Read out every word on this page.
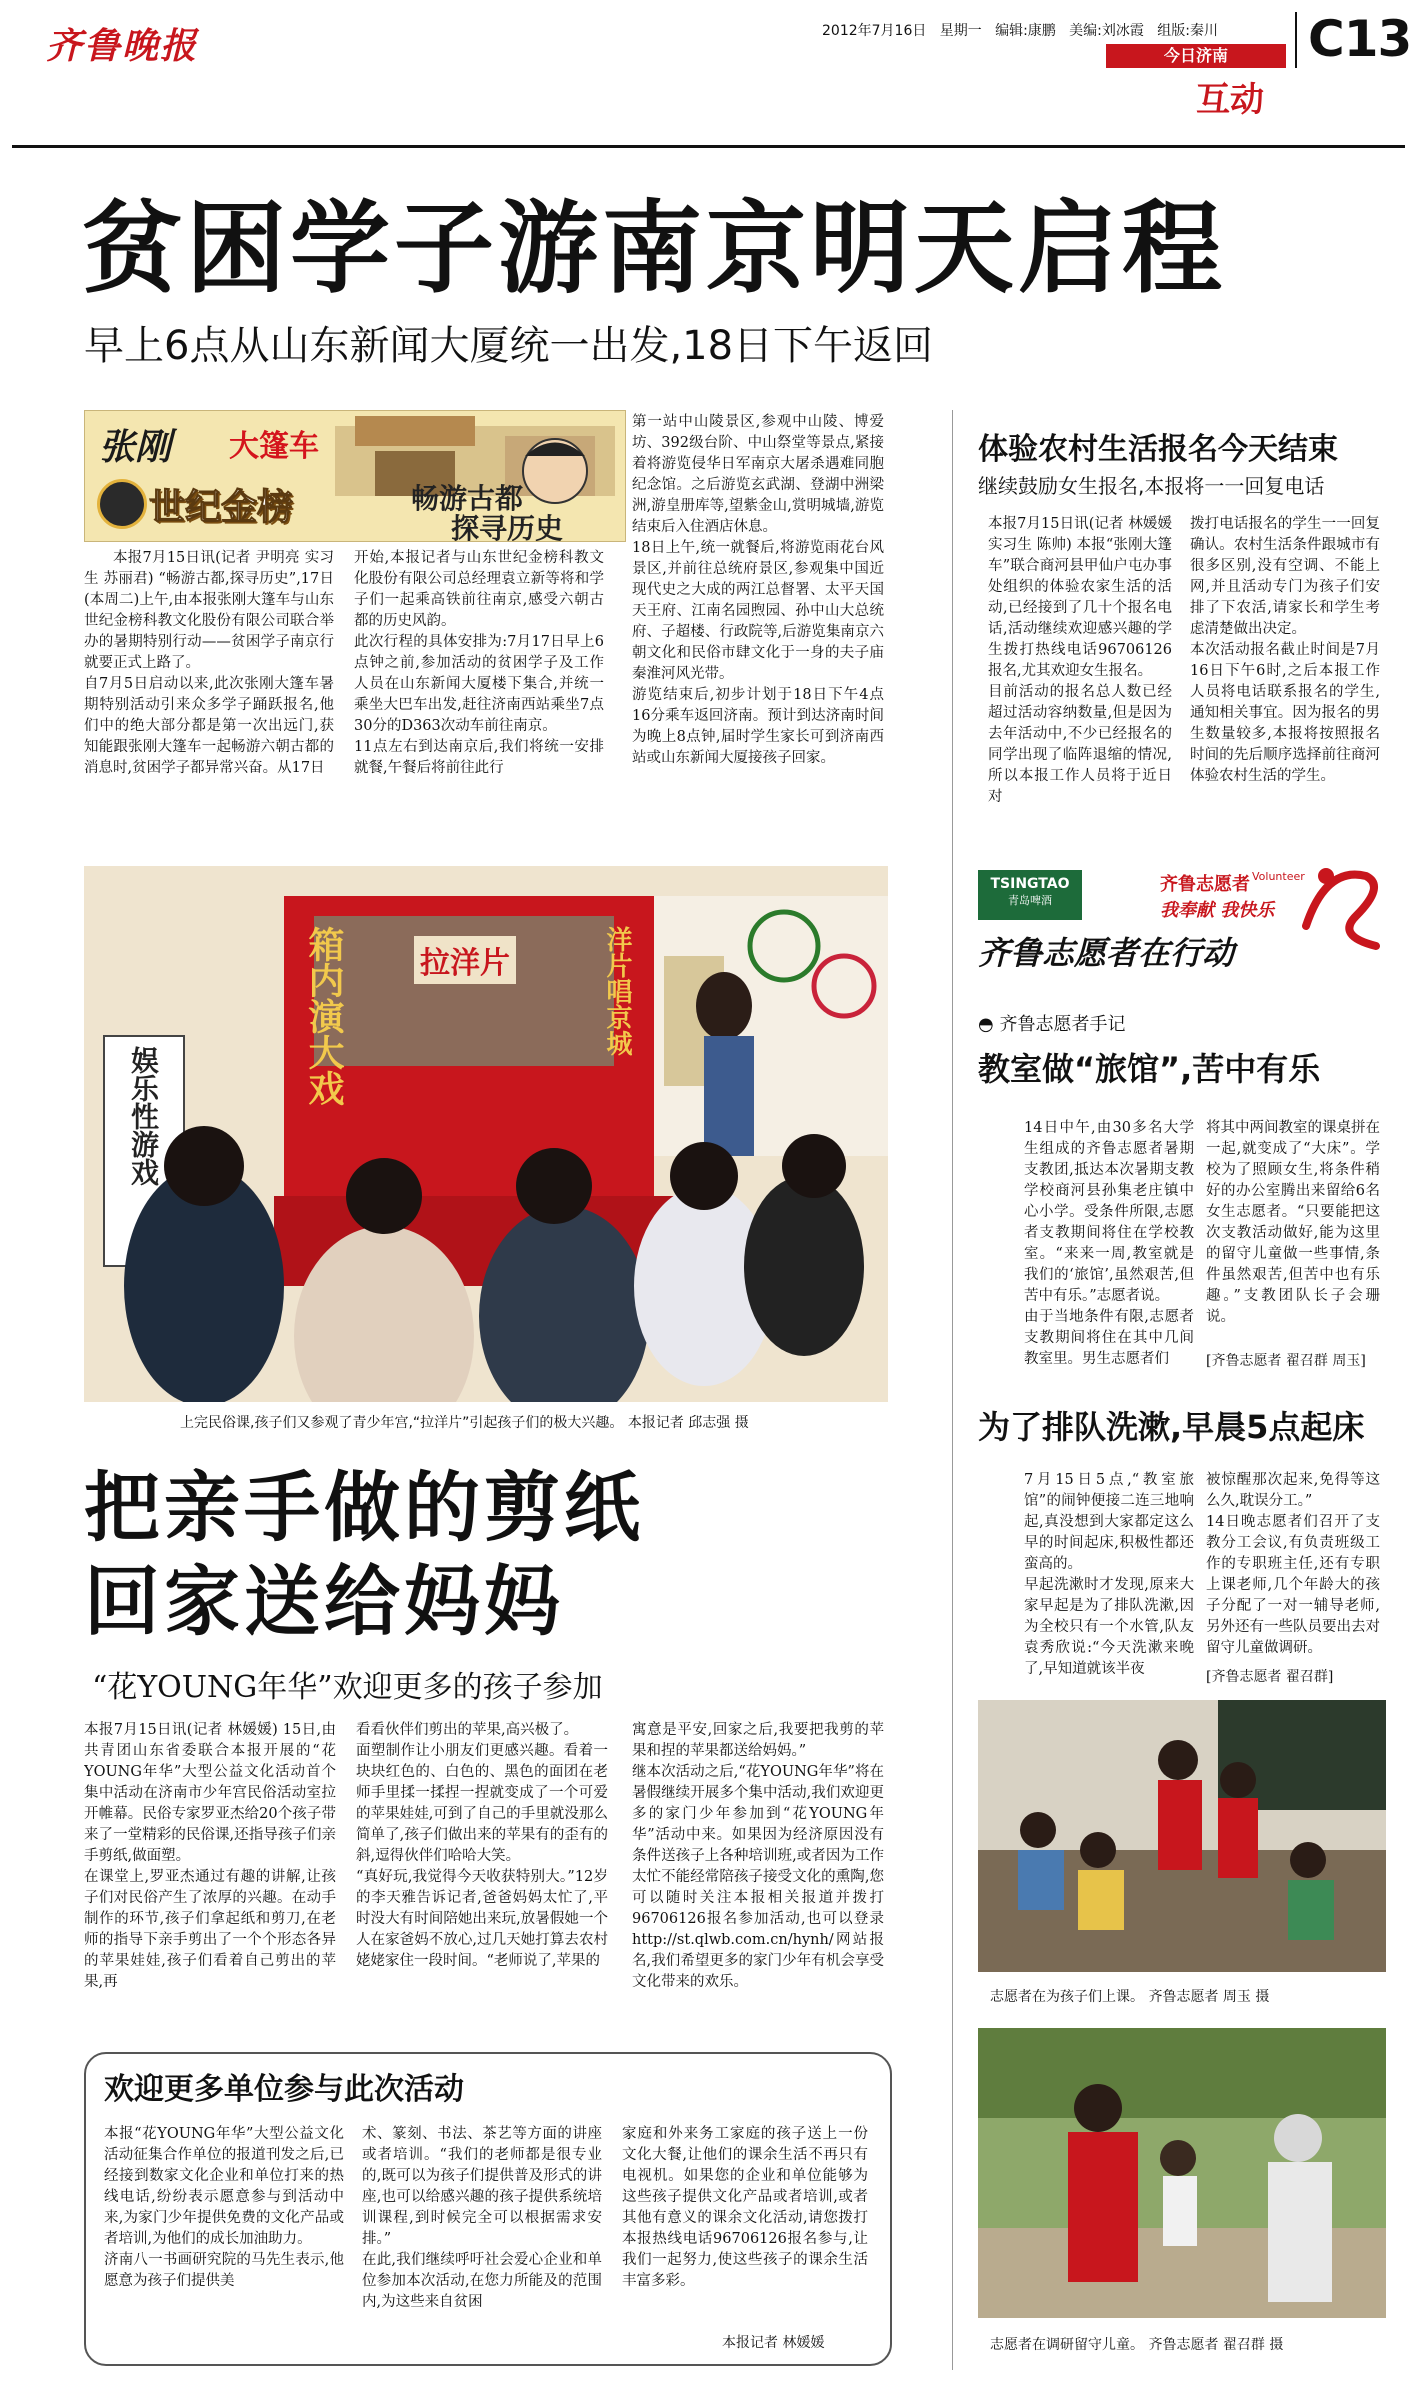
齐鲁晚报	2012年7月16日 星期一 编辑:康鹏 美编:刘冰霞 组版:秦川 C13
今日济南
互动
贫困学子游南京明天启程
早上6点从山东新闻大厦统一出发,18日下午返回
张刚 大篷车
世纪金榜	畅游古都
探寻历史
本报7月15日讯(记者 尹明亮 实习生 苏丽君) “畅游古都,探寻历史”,17日(本周二)上午,由本报张刚大篷车与山东世纪金榜科教文化股份有限公司联合举办的暑期特别行动——贫困学子南京行就要正式上路了。
自7月5日启动以来,此次张刚大篷车暑期特别活动引来众多学子踊跃报名,他们中的绝大部分都是第一次出远门,获知能跟张刚大篷车一起畅游六朝古都的消息时,贫困学子都异常兴奋。从17日
开始,本报记者与山东世纪金榜科教文化股份有限公司总经理袁立新等将和学子们一起乘高铁前往南京,感受六朝古都的历史风韵。
此次行程的具体安排为:7月17日早上6点钟之前,参加活动的贫困学子及工作人员在山东新闻大厦楼下集合,并统一乘坐大巴车出发,赶往济南西站乘坐7点30分的D363次动车前往南京。
11点左右到达南京后,我们将统一安排就餐,午餐后将前往此行
第一站中山陵景区,参观中山陵、博爱坊、392级台阶、中山祭堂等景点,紧接着将游览侵华日军南京大屠杀遇难同胞纪念馆。之后游览玄武湖、登湖中洲梁洲,游皇册库等,望紫金山,赏明城墙,游览结束后入住酒店休息。
18日上午,统一就餐后,将游览雨花台风景区,并前往总统府景区,参观集中国近现代史之大成的两江总督署、太平天国天王府、江南名园煦园、孙中山大总统府、子超楼、行政院等,后游览集南京六朝文化和民俗市肆文化于一身的夫子庙秦淮河风光带。
游览结束后,初步计划于18日下午4点16分乘车返回济南。预计到达济南时间为晚上8点钟,届时学生家长可到济南西站或山东新闻大厦接孩子回家。
箱内演大戏	拉洋片	洋片唱京城
娱乐性游戏
上完民俗课,孩子们又参观了青少年宫,“拉洋片”引起孩子们的极大兴趣。 本报记者 邱志强 摄
把亲手做的剪纸
回家送给妈妈
“花YOUNG年华”欢迎更多的孩子参加
本报7月15日讯(记者 林媛媛) 15日,由共青团山东省委联合本报开展的“花YOUNG年华”大型公益文化活动首个集中活动在济南市少年宫民俗活动室拉开帷幕。民俗专家罗亚杰给20个孩子带来了一堂精彩的民俗课,还指导孩子们亲手剪纸,做面塑。
在课堂上,罗亚杰通过有趣的讲解,让孩子们对民俗产生了浓厚的兴趣。在动手制作的环节,孩子们拿起纸和剪刀,在老师的指导下亲手剪出了一个个形态各异的苹果娃娃,孩子们看着自己剪出的苹果,再
看看伙伴们剪出的苹果,高兴极了。
面塑制作让小朋友们更感兴趣。看着一块块红色的、白色的、黑色的面团在老师手里揉一揉捏一捏就变成了一个可爱的苹果娃娃,可到了自己的手里就没那么简单了,孩子们做出来的苹果有的歪有的斜,逗得伙伴们哈哈大笑。
“真好玩,我觉得今天收获特别大。”12岁的李天雅告诉记者,爸爸妈妈太忙了,平时没大有时间陪她出来玩,放暑假她一个人在家爸妈不放心,过几天她打算去农村姥姥家住一段时间。“老师说了,苹果的
寓意是平安,回家之后,我要把我剪的苹果和捏的苹果都送给妈妈。”
继本次活动之后,“花YOUNG年华”将在暑假继续开展多个集中活动,我们欢迎更多的家门少年参加到“花YOUNG年华”活动中来。如果因为经济原因没有条件送孩子上各种培训班,或者因为工作太忙不能经常陪孩子接受文化的熏陶,您可以随时关注本报相关报道并拨打96706126报名参加活动,也可以登录http://st.qlwb.com.cn/hynh/网站报名,我们希望更多的家门少年有机会享受文化带来的欢乐。
欢迎更多单位参与此次活动
本报“花YOUNG年华”大型公益文化活动征集合作单位的报道刊发之后,已经接到数家文化企业和单位打来的热线电话,纷纷表示愿意参与到活动中来,为家门少年提供免费的文化产品或者培训,为他们的成长加油助力。
济南八一书画研究院的马先生表示,他愿意为孩子们提供美
术、篆刻、书法、茶艺等方面的讲座或者培训。“我们的老师都是很专业的,既可以为孩子们提供普及形式的讲座,也可以给感兴趣的孩子提供系统培训课程,到时候完全可以根据需求安排。”
在此,我们继续呼吁社会爱心企业和单位参加本次活动,在您力所能及的范围内,为这些来自贫困
家庭和外来务工家庭的孩子送上一份文化大餐,让他们的课余生活不再只有电视机。如果您的企业和单位能够为这些孩子提供文化产品或者培训,或者其他有意义的课余文化活动,请您拨打本报热线电话96706126报名参与,让我们一起努力,使这些孩子的课余生活丰富多彩。
本报记者 林媛媛
体验农村生活报名今天结束
继续鼓励女生报名,本报将一一回复电话
本报7月15日讯(记者 林媛媛 实习生 陈帅) 本报“张刚大篷车”联合商河县甲仙户屯办事处组织的体验农家生活的活动,已经接到了几十个报名电话,活动继续欢迎感兴趣的学生拨打热线电话96706126报名,尤其欢迎女生报名。
目前活动的报名总人数已经超过活动容纳数量,但是因为去年活动中,不少已经报名的同学出现了临阵退缩的情况,所以本报工作人员将于近日对
拨打电话报名的学生一一回复确认。农村生活条件跟城市有很多区别,没有空调、不能上网,并且活动专门为孩子们安排了下农活,请家长和学生考虑清楚做出决定。
本次活动报名截止时间是7月16日下午6时,之后本报工作人员将电话联系报名的学生,通知相关事宜。因为报名的男生数量较多,本报将按照报名时间的先后顺序选择前往商河体验农村生活的学生。
TSINGTAO
青岛啤酒
齐鲁志愿者 Volunteer
我奉献 我快乐
齐鲁志愿者在行动
◓ 齐鲁志愿者手记
教室做“旅馆”,苦中有乐
14日中午,由30多名大学生组成的齐鲁志愿者暑期支教团,抵达本次暑期支教学校商河县孙集老庄镇中心小学。受条件所限,志愿者支教期间将住在学校教室。“来来一周,教室就是我们的‘旅馆’,虽然艰苦,但苦中有乐。”志愿者说。
由于当地条件有限,志愿者支教期间将住在其中几间教室里。男生志愿者们
将其中两间教室的课桌拼在一起,就变成了“大床”。学校为了照顾女生,将条件稍好的办公室腾出来留给6名女生志愿者。“只要能把这次支教活动做好,能为这里的留守儿童做一些事情,条件虽然艰苦,但苦中也有乐趣。”支教团队长子会珊说。
[齐鲁志愿者 翟召群 周玉]
为了排队洗漱,早晨5点起床
7月15日5点,“教室旅馆”的闹钟便接二连三地响起,真没想到大家都定这么早的时间起床,积极性都还蛮高的。
早起洗漱时才发现,原来大家早起是为了排队洗漱,因为全校只有一个水管,队友袁秀欣说:“今天洗漱来晚了,早知道就该半夜
被惊醒那次起来,免得等这么久,耽误分工。”
14日晚志愿者们召开了支教分工会议,有负责班级工作的专职班主任,还有专职上课老师,几个年龄大的孩子分配了一对一辅导老师,另外还有一些队员要出去对留守儿童做调研。
[齐鲁志愿者 翟召群]
志愿者在为孩子们上课。 齐鲁志愿者 周玉 摄
志愿者在调研留守儿童。 齐鲁志愿者 翟召群 摄
